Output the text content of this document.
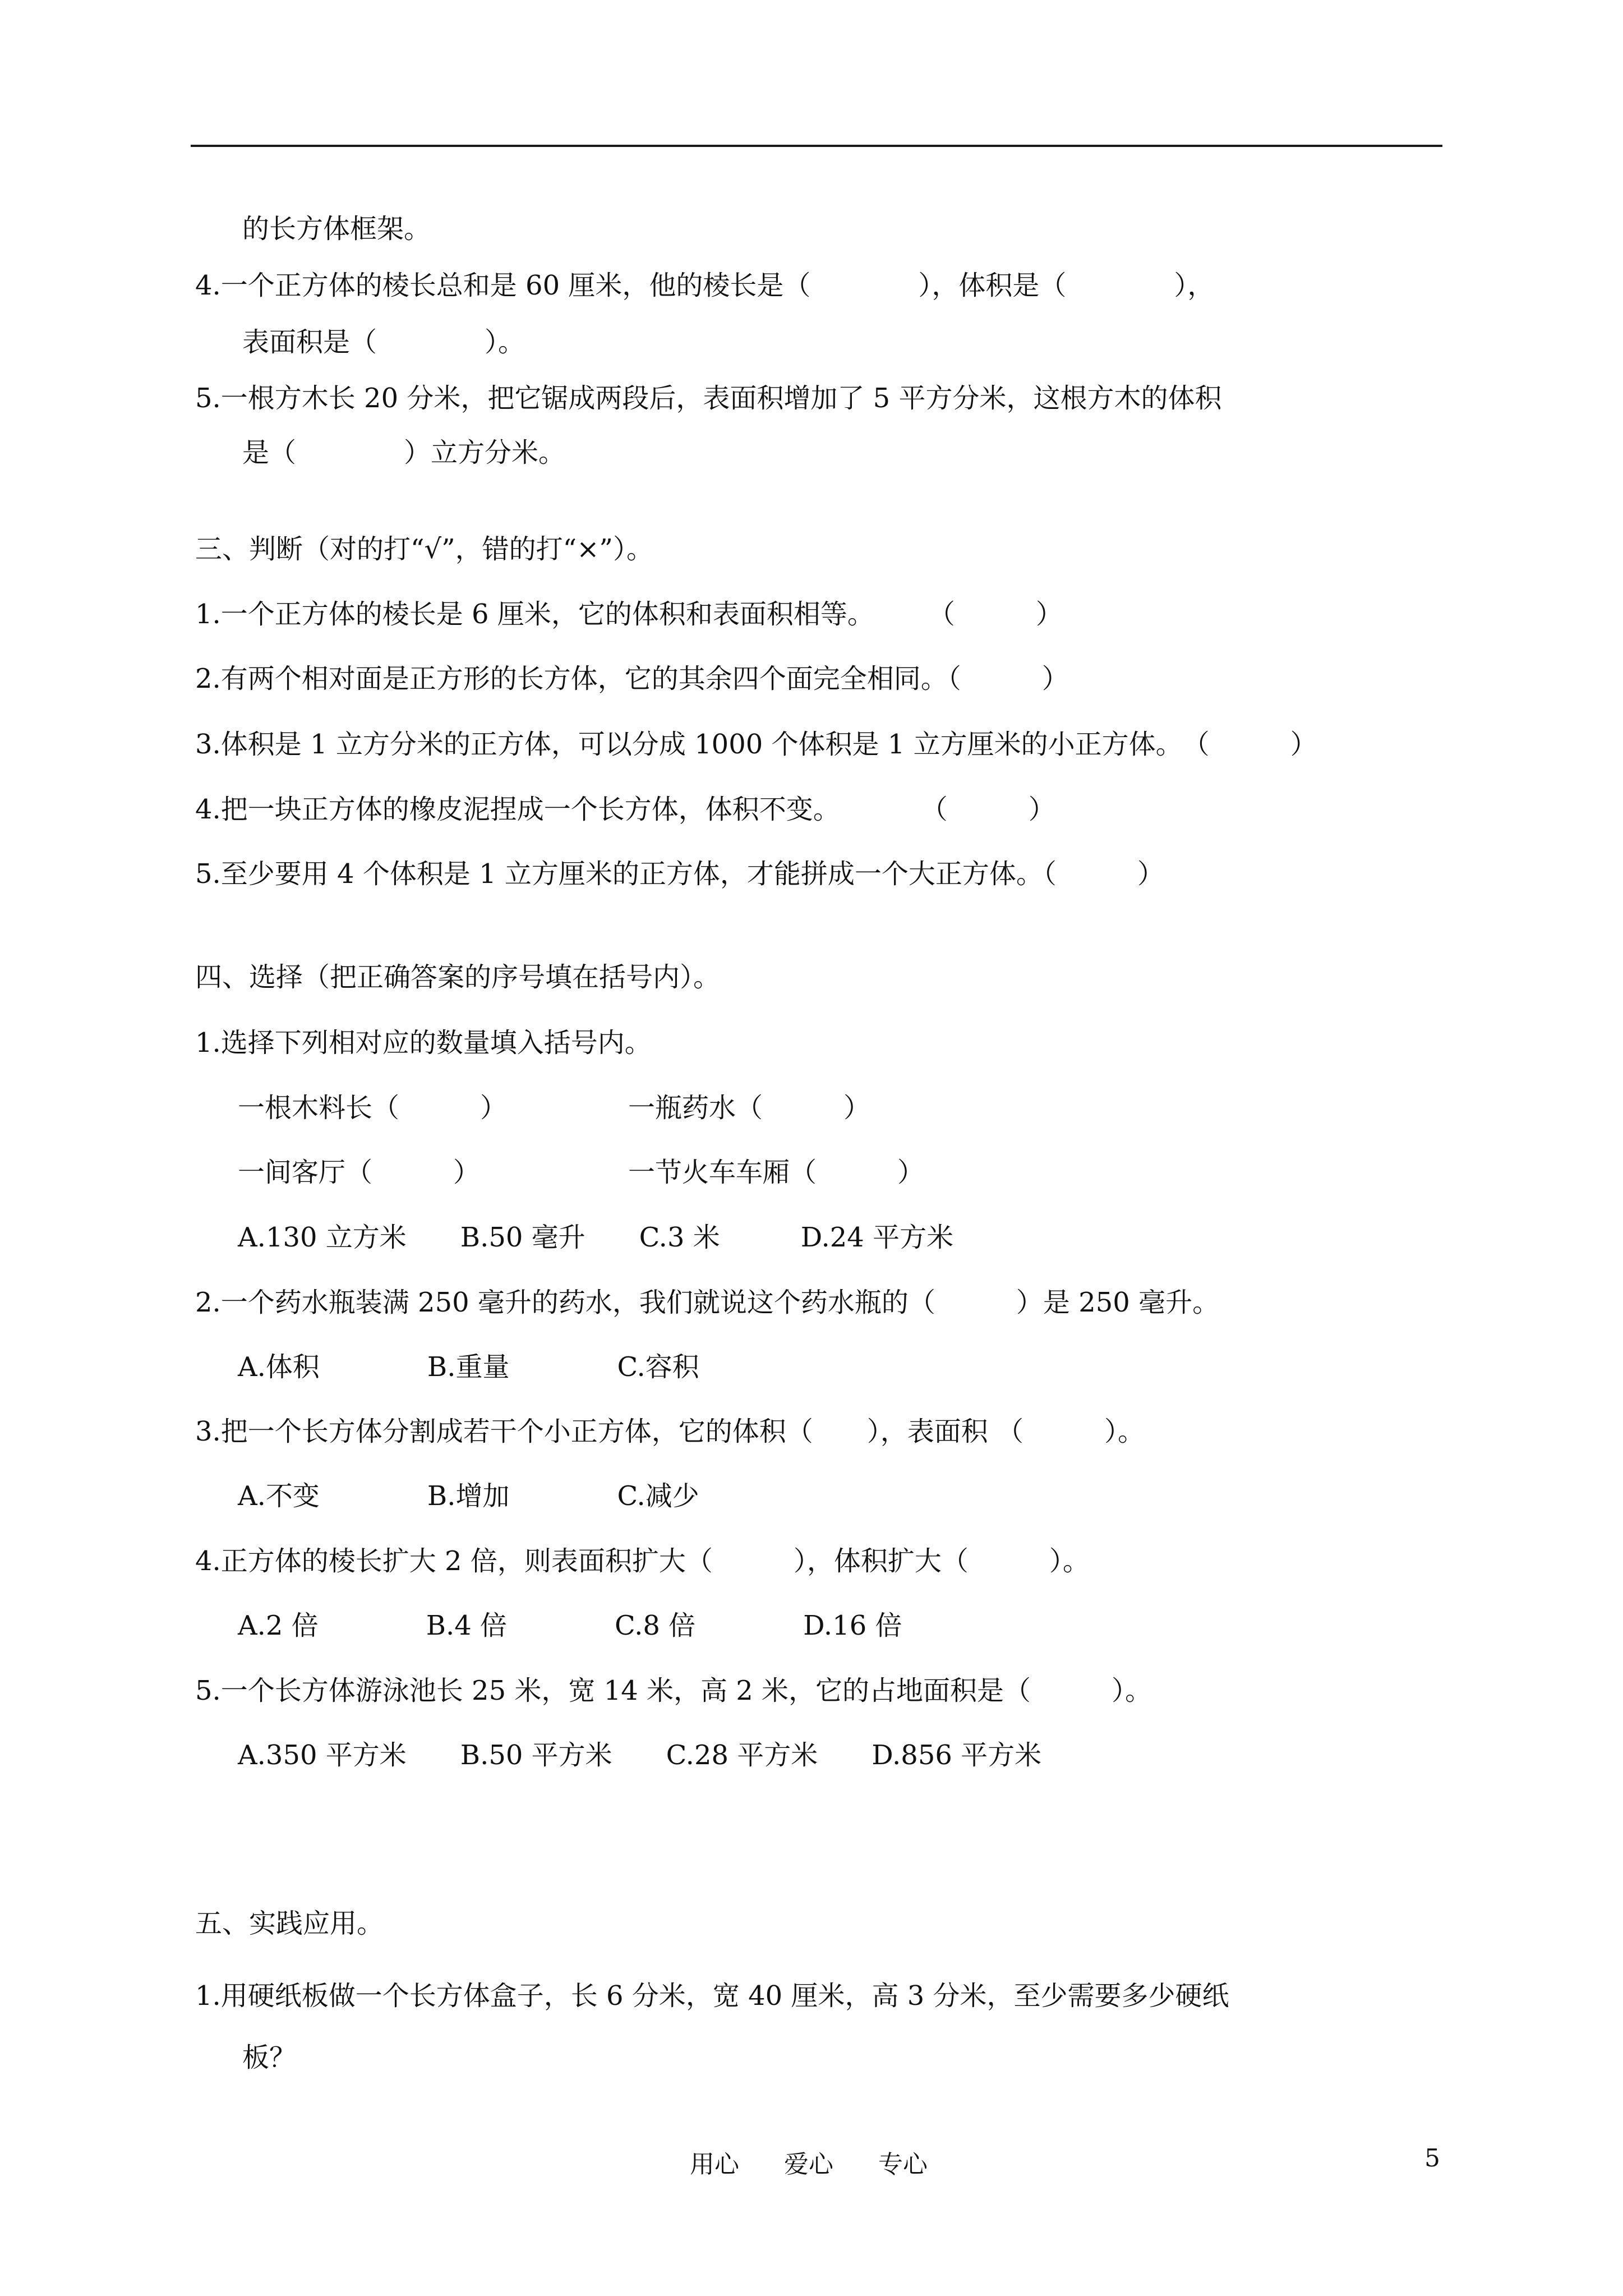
的长方体框架。
4.一个正方体的棱长总和是 60 厘米，他的棱长是（　　　　），体积是（　　　　），
表面积是（　　　　）。
5.一根方木长 20 分米，把它锯成两段后，表面积增加了 5 平方分米，这根方木的体积
是（　　　　）立方分米。
三、判断（对的打“√”，错的打“×”）。
1.一个正方体的棱长是 6 厘米，它的体积和表面积相等。　　　（　　　）
2.有两个相对面是正方形的长方体，它的其余四个面完全相同。（　　　）
3.体积是 1 立方分米的正方体，可以分成 1000 个体积是 1 立方厘米的小正方体。　（　　　）
4.把一块正方体的橡皮泥捏成一个长方体，体积不变。　　　　（　　　）
5.至少要用 4 个体积是 1 立方厘米的正方体，才能拼成一个大正方体。（　　　）
四、选择（把正确答案的序号填在括号内）。
1.选择下列相对应的数量填入括号内。
一根木料长（　　　）	一瓶药水（　　　）
一间客厅（　　　）	一节火车车厢（　　　）
A.130 立方米　　B.50 毫升　　C.3 米　　　D.24 平方米
2.一个药水瓶装满 250 毫升的药水，我们就说这个药水瓶的（　　　）是 250 毫升。
A.体积　　　　B.重量　　　　C.容积
3.把一个长方体分割成若干个小正方体，它的体积（　　），表面积 （　　　）。
A.不变　　　　B.增加　　　　C.减少
4.正方体的棱长扩大 2 倍，则表面积扩大（　　　），体积扩大（　　　）。
A.2 倍　　　　B.4 倍　　　　C.8 倍　　　　D.16 倍
5.一个长方体游泳池长 25 米，宽 14 米，高 2 米，它的占地面积是（　　　）。
A.350 平方米　　B.50 平方米　　C.28 平方米　　D.856 平方米
五、实践应用。
1.用硬纸板做一个长方体盒子，长 6 分米，宽 40 厘米，高 3 分米，至少需要多少硬纸
板？
用心 爱心 专心	5
